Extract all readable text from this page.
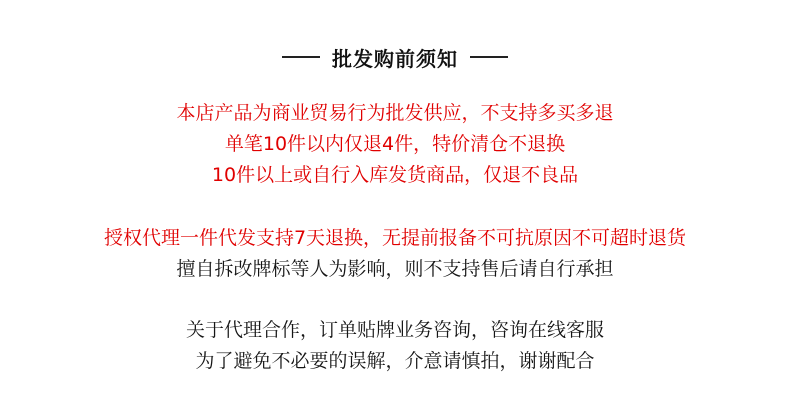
批发购前须知
本店产品为商业贸易行为批发供应，不支持多买多退
单笔10件以内仅退4件，特价清仓不退换
10件以上或自行入库发货商品，仅退不良品
授权代理一件代发支持7天退换，无提前报备不可抗原因不可超时退货
擅自拆改牌标等人为影响，则不支持售后请自行承担
关于代理合作，订单贴牌业务咨询，咨询在线客服
为了避免不必要的误解，介意请慎拍，谢谢配合
